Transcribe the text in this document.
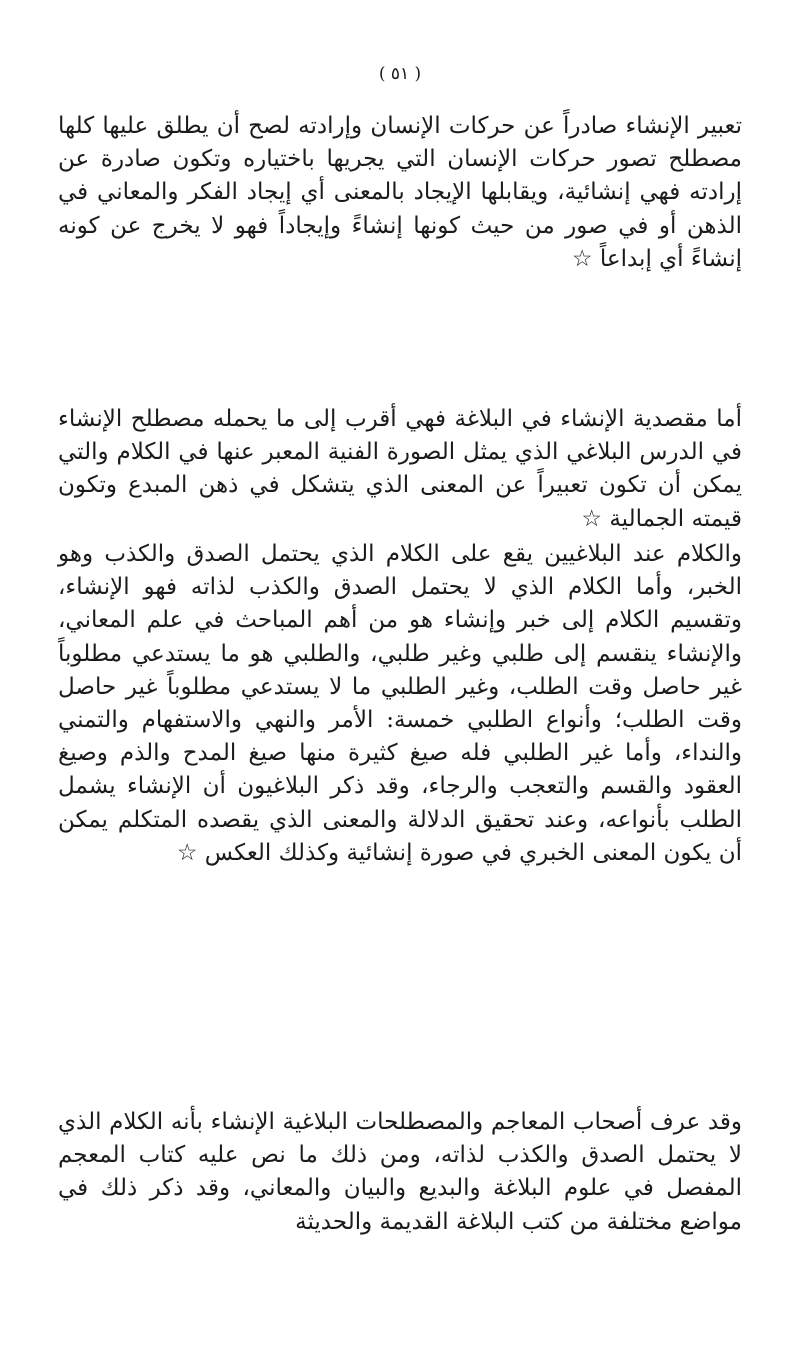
( ٥١ )

تعبير الإنشاء صادراً عن حركات الإنسان وإرادته لصح أن يطلق عليها كلها مصطلح تصور حركات الإنسان التي يجريها باختياره وتكون صادرة عن إرادته فهي إنشائية، ويقابلها الإيجاد بالمعنى أي إيجاد الفكر والمعاني في الذهن أو في صور من حيث كونها إنشاءً وإيجاداً فهو لا يخرج عن كونه إنشاءً أي إبداعاً ☆

أما مقصدية الإنشاء في البلاغة فهي أقرب إلى ما يحمله مصطلح الإنشاء في الدرس البلاغي الذي يمثل الصورة الفنية المعبر عنها في الكلام والتي يمكن أن تكون تعبيراً عن المعنى الذي يتشكل في ذهن المبدع وتكون قيمته الجمالية ☆

والكلام عند البلاغيين يقع على الكلام الذي يحتمل الصدق والكذب وهو الخبر، وأما الكلام الذي لا يحتمل الصدق والكذب لذاته فهو الإنشاء، وتقسيم الكلام إلى خبر وإنشاء هو من أهم المباحث في علم المعاني، والإنشاء ينقسم إلى طلبي وغير طلبي، والطلبي هو ما يستدعي مطلوباً غير حاصل وقت الطلب، وغير الطلبي ما لا يستدعي مطلوباً غير حاصل وقت الطلب؛ وأنواع الطلبي خمسة: الأمر والنهي والاستفهام والتمني والنداء، وأما غير الطلبي فله صيغ كثيرة منها صيغ المدح والذم وصيغ العقود والقسم والتعجب والرجاء، وقد ذكر البلاغيون أن الإنشاء يشمل الطلب بأنواعه، وعند تحقيق الدلالة والمعنى الذي يقصده المتكلم يمكن أن يكون المعنى الخبري في صورة إنشائية وكذلك العكس ☆

وقد عرف أصحاب المعاجم والمصطلحات البلاغية الإنشاء بأنه الكلام الذي لا يحتمل الصدق والكذب لذاته، ومن ذلك ما نص عليه كتاب المعجم المفصل في علوم البلاغة والبديع والبيان والمعاني، وقد ذكر ذلك في مواضع مختلفة من كتب البلاغة القديمة والحديثة
